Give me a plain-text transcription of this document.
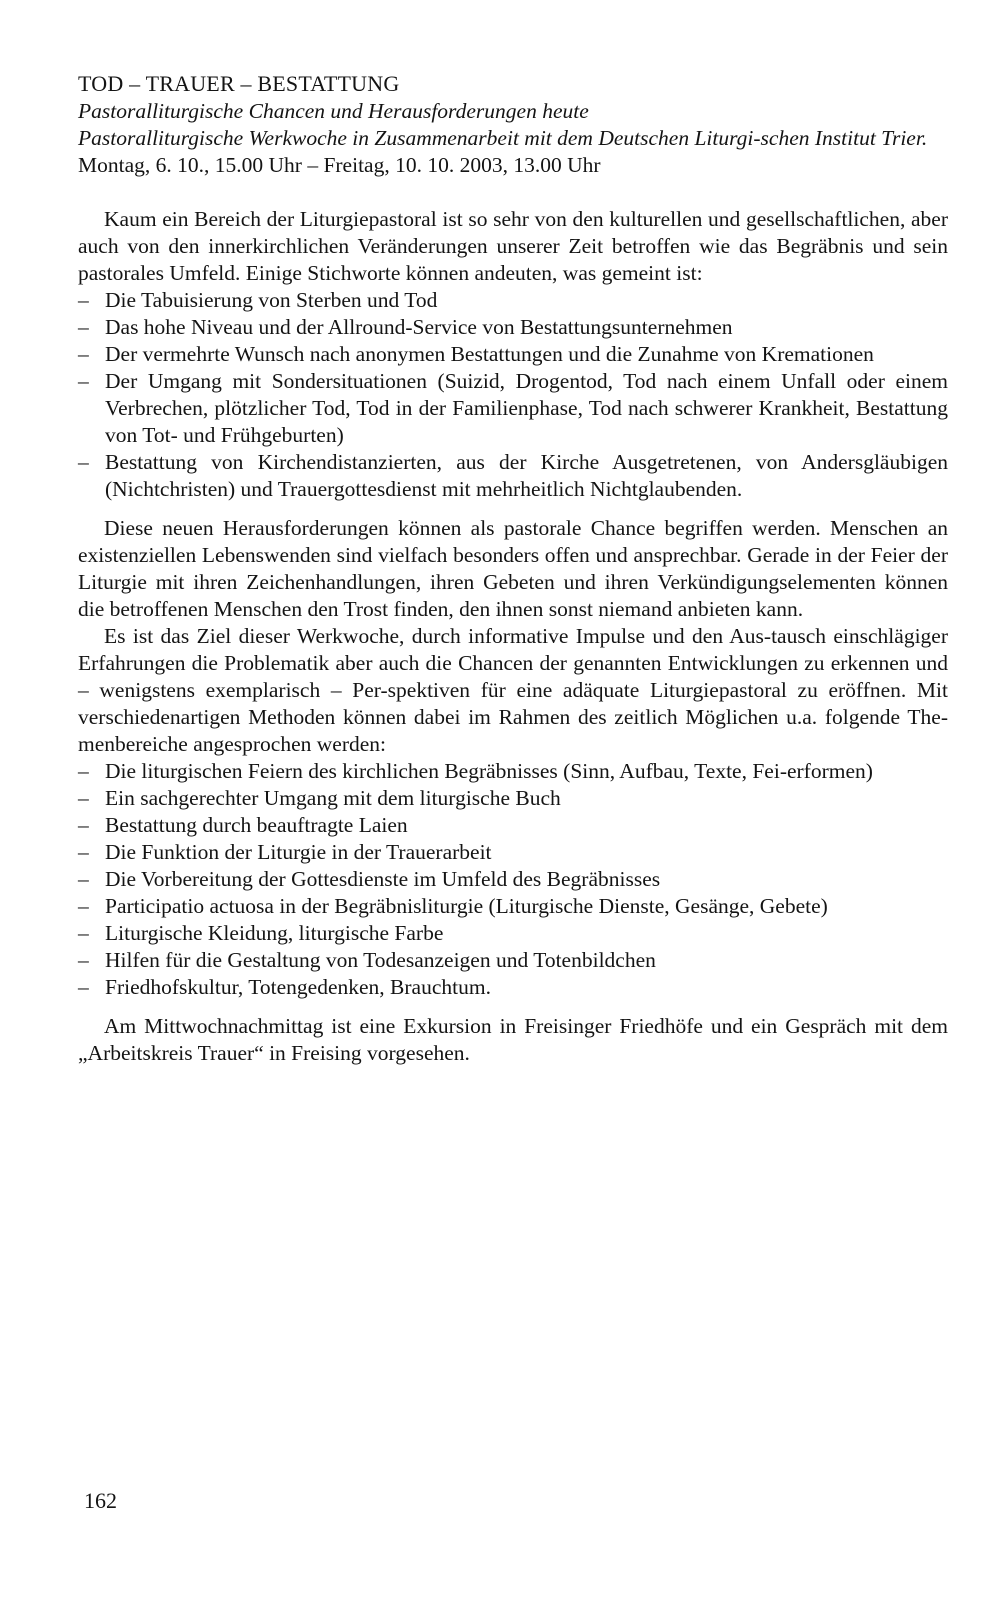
TOD – TRAUER – BESTATTUNG

Pastoralliturgische Chancen und Herausforderungen heute

Pastoralliturgische Werkwoche in Zusammenarbeit mit dem Deutschen Liturgi-schen Institut Trier.

Montag, 6. 10., 15.00 Uhr – Freitag, 10. 10. 2003, 13.00 Uhr

Kaum ein Bereich der Liturgiepastoral ist so sehr von den kulturellen und gesellschaftlichen, aber auch von den innerkirchlichen Veränderungen unserer Zeit betroffen wie das Begräbnis und sein pastorales Umfeld. Einige Stichworte können andeuten, was gemeint ist:

– Die Tabuisierung von Sterben und Tod
– Das hohe Niveau und der Allround-Service von Bestattungsunternehmen
– Der vermehrte Wunsch nach anonymen Bestattungen und die Zunahme von Kremationen
– Der Umgang mit Sondersituationen (Suizid, Drogentod, Tod nach einem Unfall oder einem Verbrechen, plötzlicher Tod, Tod in der Familienphase, Tod nach schwerer Krankheit, Bestattung von Tot- und Frühgeburten)
– Bestattung von Kirchendistanzierten, aus der Kirche Ausgetretenen, von Andersgläubigen (Nichtchristen) und Trauergottesdienst mit mehrheitlich Nichtglaubenden.

Diese neuen Herausforderungen können als pastorale Chance begriffen werden. Menschen an existenziellen Lebenswenden sind vielfach besonders offen und ansprechbar. Gerade in der Feier der Liturgie mit ihren Zeichenhandlungen, ihren Gebeten und ihren Verkündigungselementen können die betroffenen Menschen den Trost finden, den ihnen sonst niemand anbieten kann.

Es ist das Ziel dieser Werkwoche, durch informative Impulse und den Aus-tausch einschlägiger Erfahrungen die Problematik aber auch die Chancen der genannten Entwicklungen zu erkennen und – wenigstens exemplarisch – Per-spektiven für eine adäquate Liturgiepastoral zu eröffnen. Mit verschiedenartigen Methoden können dabei im Rahmen des zeitlich Möglichen u.a. folgende The-menbereiche angesprochen werden:

– Die liturgischen Feiern des kirchlichen Begräbnisses (Sinn, Aufbau, Texte, Fei-erformen)
– Ein sachgerechter Umgang mit dem liturgische Buch
– Bestattung durch beauftragte Laien
– Die Funktion der Liturgie in der Trauerarbeit
– Die Vorbereitung der Gottesdienste im Umfeld des Begräbnisses
– Participatio actuosa in der Begräbnisliturgie (Liturgische Dienste, Gesänge, Gebete)
– Liturgische Kleidung, liturgische Farbe
– Hilfen für die Gestaltung von Todesanzeigen und Totenbildchen
– Friedhofskultur, Totengedenken, Brauchtum.

Am Mittwochnachmittag ist eine Exkursion in Freisinger Friedhöfe und ein Gespräch mit dem „Arbeitskreis Trauer“ in Freising vorgesehen.

162
